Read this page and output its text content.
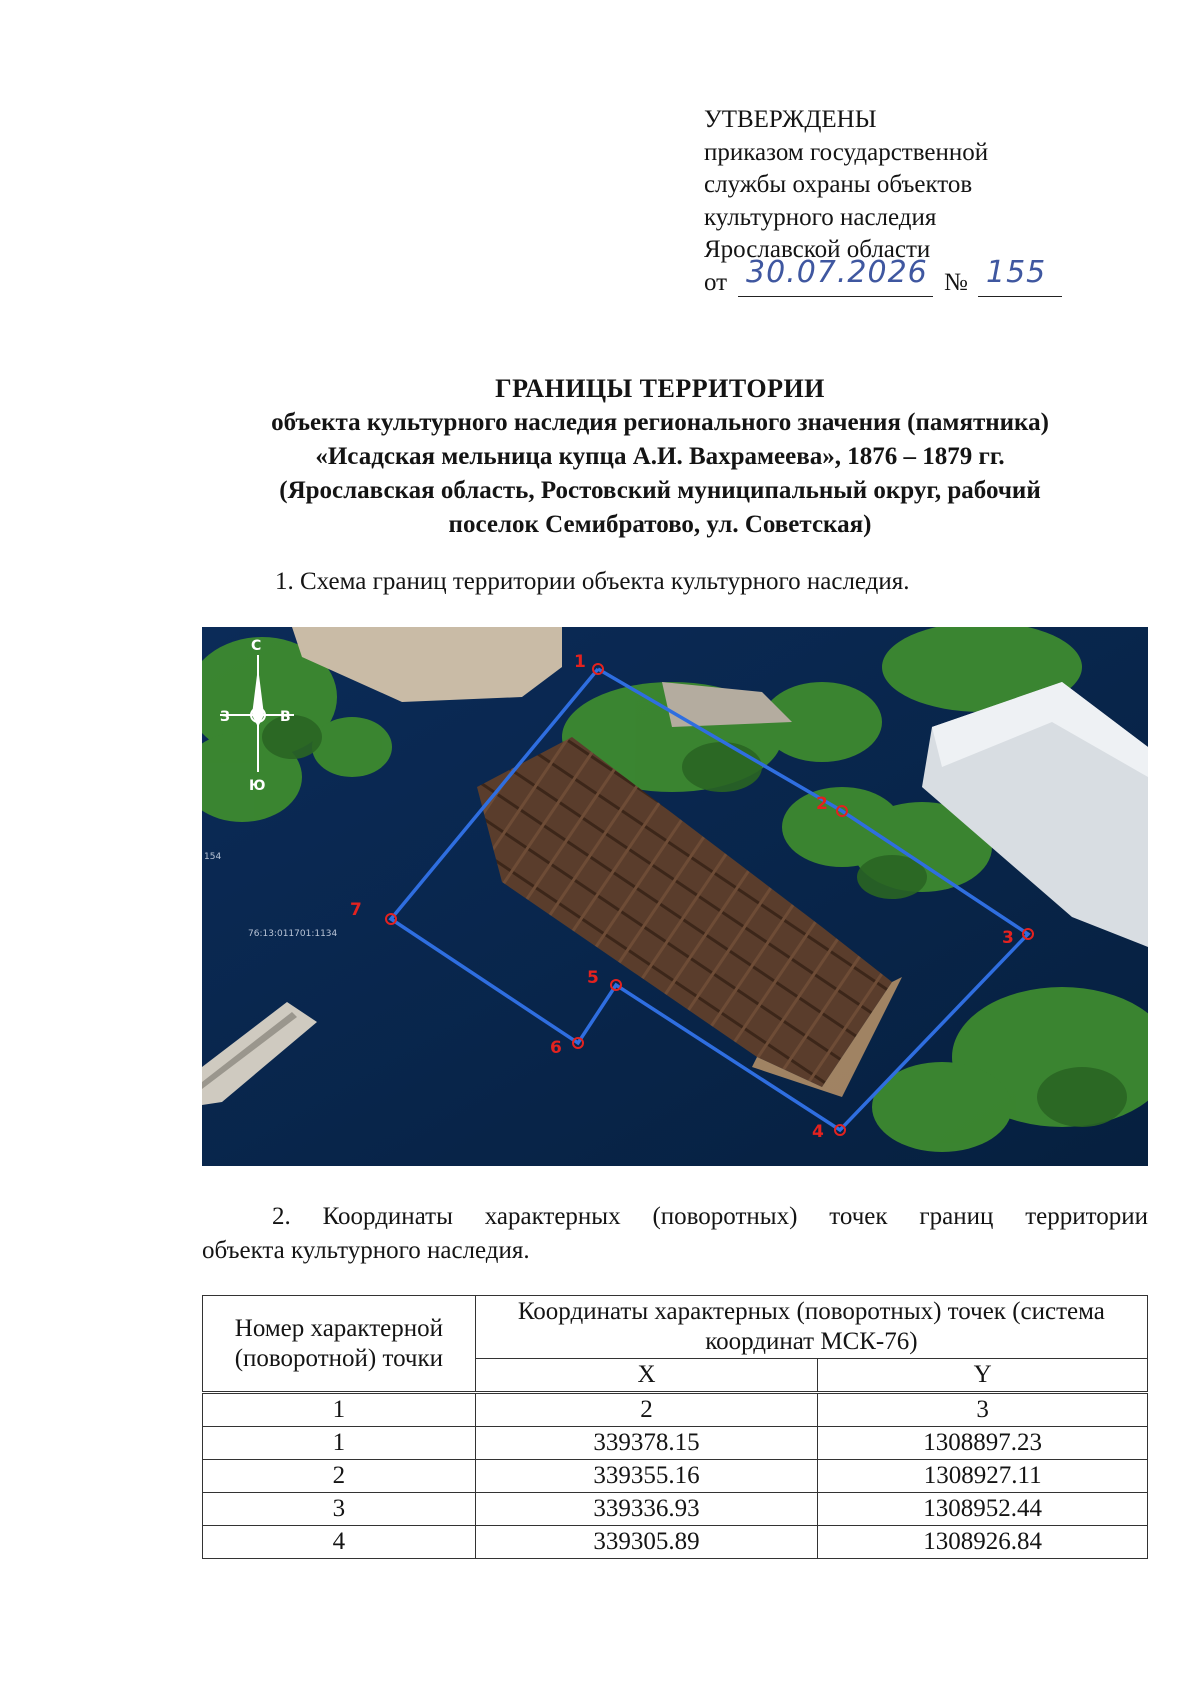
УТВЕРЖДЕНЫ
приказом государственной
службы охраны объектов
культурного наследия
Ярославской области
от 30.07.2026 № 155
ГРАНИЦЫ ТЕРРИТОРИИ
объекта культурного наследия регионального значения (памятника)
«Исадская мельница купца А.И. Вахрамеева», 1876 – 1879 гг.
(Ярославская область, Ростовский муниципальный округ, рабочий
поселок Семибратово, ул. Советская)
1. Схема границ территории объекта культурного наследия.
1
2
3
4
5
6
7
С
Ю
З	В
154
76:13:011701:1134
2. Координаты характерных (поворотных) точек границ территории
объекта культурного наследия.
Номер характерной (поворотной) точки	Координаты характерных (поворотных) точек (система координат МСК-76)	
	X	Y
1	2	3
1	339378.15	1308897.23
2	339355.16	1308927.11
3	339336.93	1308952.44
4	339305.89	1308926.84
